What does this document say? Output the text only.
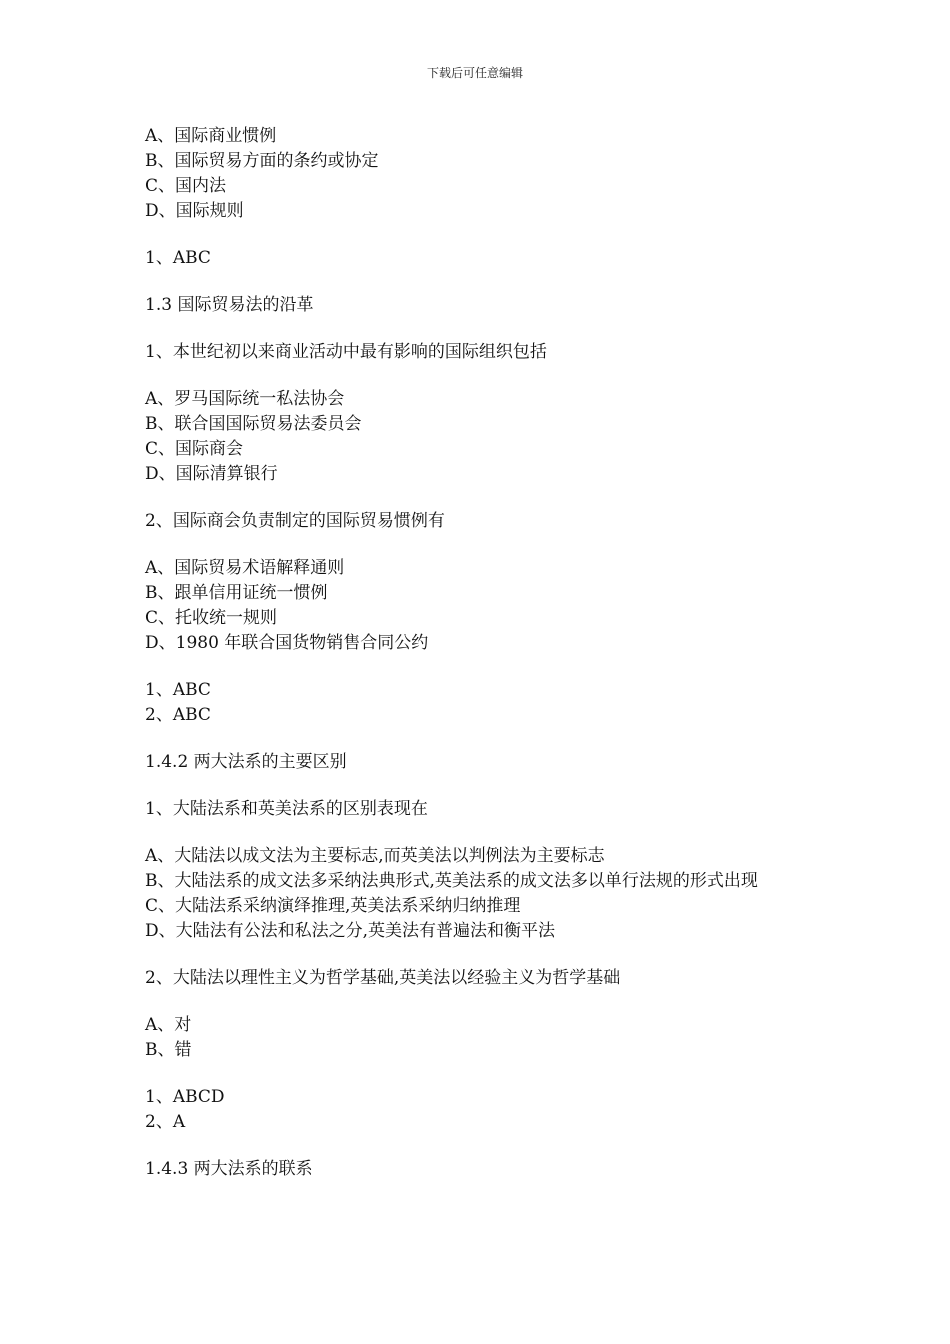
下载后可任意编辑
A、国际商业惯例
B、国际贸易方面的条约或协定
C、国内法
D、国际规则
1、ABC
1.3 国际贸易法的沿革
1、本世纪初以来商业活动中最有影响的国际组织包括
A、罗马国际统一私法协会
B、联合国国际贸易法委员会
C、国际商会
D、国际清算银行
2、国际商会负责制定的国际贸易惯例有
A、国际贸易术语解释通则
B、跟单信用证统一惯例
C、托收统一规则
D、1980 年联合国货物销售合同公约
1、ABC
2、ABC
1.4.2 两大法系的主要区别
1、大陆法系和英美法系的区别表现在
A、大陆法以成文法为主要标志,而英美法以判例法为主要标志
B、大陆法系的成文法多采纳法典形式,英美法系的成文法多以单行法规的形式出现
C、大陆法系采纳演绎推理,英美法系采纳归纳推理
D、大陆法有公法和私法之分,英美法有普遍法和衡平法
2、大陆法以理性主义为哲学基础,英美法以经验主义为哲学基础
A、对
B、错
1、ABCD
2、A
1.4.3 两大法系的联系
